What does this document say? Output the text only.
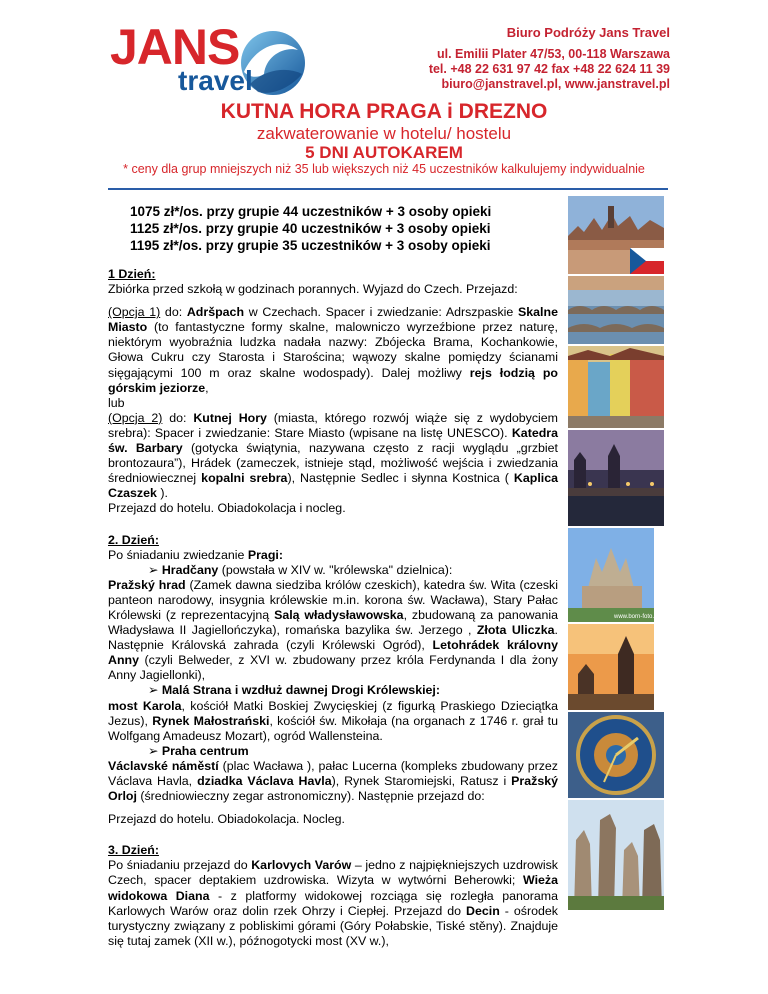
JANS
travel
Biuro Podróży Jans Travel
ul. Emilii Plater 47/53, 00-118 Warszawa
tel. +48 22 631 97 42 fax +48 22 624 11 39
biuro@janstravel.pl, www.janstravel.pl
KUTNA HORA PRAGA i DREZNO
zakwaterowanie w hotelu/ hostelu
5 DNI AUTOKAREM
* ceny dla grup mniejszych niż 35 lub większych niż 45 uczestników kalkulujemy indywidualnie
1075 zł*/os. przy grupie 44 uczestników + 3 osoby opieki
1125 zł*/os. przy grupie 40 uczestników + 3 osoby opieki
1195 zł*/os. przy grupie 35 uczestników + 3 osoby opieki

1 Dzień:

Zbiórka przed szkołą w godzinach porannych. Wyjazd do Czech. Przejazd:

(Opcja 1) do: Adršpach w Czechach. Spacer i zwiedzanie: Adrszpaskie Skalne Miasto (to fantastyczne formy skalne, malowniczo wyrzeźbione przez naturę, niektórym wyobraźnia ludzka nadała nazwy: Zbójecka Brama, Kochankowie, Głowa Cukru czy Starosta i Starościna; wąwozy skalne pomiędzy ścianami sięgającymi 100 m oraz skalne wodospady). Dalej możliwy rejs łodzią po górskim jeziorze,

lub

(Opcja 2) do: Kutnej Hory (miasta, którego rozwój wiąże się z wydobyciem srebra): Spacer i zwiedzanie: Stare Miasto (wpisane na listę UNESCO). Katedra św. Barbary (gotycka świątynia, nazywana często z racji wyglądu „grzbiet brontozaura”), Hrádek (zameczek, istnieje stąd, możliwość wejścia i zwiedzania średniowiecznej kopalni srebra), Następnie Sedlec i słynna Kostnica ( Kaplica Czaszek ).

Przejazd do hotelu. Obiadokolacja i nocleg.

2. Dzień:

Po śniadaniu zwiedzanie Pragi:

➢ Hradčany (powstała w XIV w. "królewska" dzielnica):

Pražský hrad (Zamek dawna siedziba królów czeskich), katedra św. Wita (czeski panteon narodowy, insygnia królewskie m.in. korona św. Wacława), Stary Pałac Królewski (z reprezentacyjną Salą władysławowska, zbudowaną za panowania Władysława II Jagiellończyka), romańska bazylika św. Jerzego , Złota Uliczka. Następnie Královská zahrada (czyli Królewski Ogród), Letohrádek královny Anny (czyli Belweder, z XVI w. zbudowany przez króla Ferdynanda I dla żony Anny Jagiellonki),

➢ Malá Strana i wzdłuż dawnej Drogi Królewskiej:

most Karola, kościół Matki Boskiej Zwycięskiej (z figurką Praskiego Dzieciątka Jezus), Rynek Małostrański, kościół św. Mikołaja (na organach z 1746 r. grał tu Wolfgang Amadeusz Mozart), ogród Wallensteina.

➢ Praha centrum

Václavské náměstí (plac Wacława ), pałac Lucerna (kompleks zbudowany przez Václava Havla, dziadka Václava Havla), Rynek Staromiejski, Ratusz i Pražský Orloj (średniowieczny zegar astronomiczny). Następnie przejazd do:

Przejazd do hotelu. Obiadokolacja. Nocleg.

3. Dzień:

Po śniadaniu przejazd do Karlovych Varów – jedno z najpiękniejszych uzdrowisk Czech, spacer deptakiem uzdrowiska. Wizyta w wytwórni Beherowki; Wieża widokowa Diana - z platformy widokowej rozciąga się rozległa panorama Karlowych Warów oraz dolin rzek Ohrzy i Ciepłej. Przejazd do Decin - ośrodek turystyczny związany z pobliskimi górami (Góry Połabskie, Tiské stěny). Znajduje się tutaj zamek (XII w.), późnogotycki most (XV w.),

www.born-foto.pl
